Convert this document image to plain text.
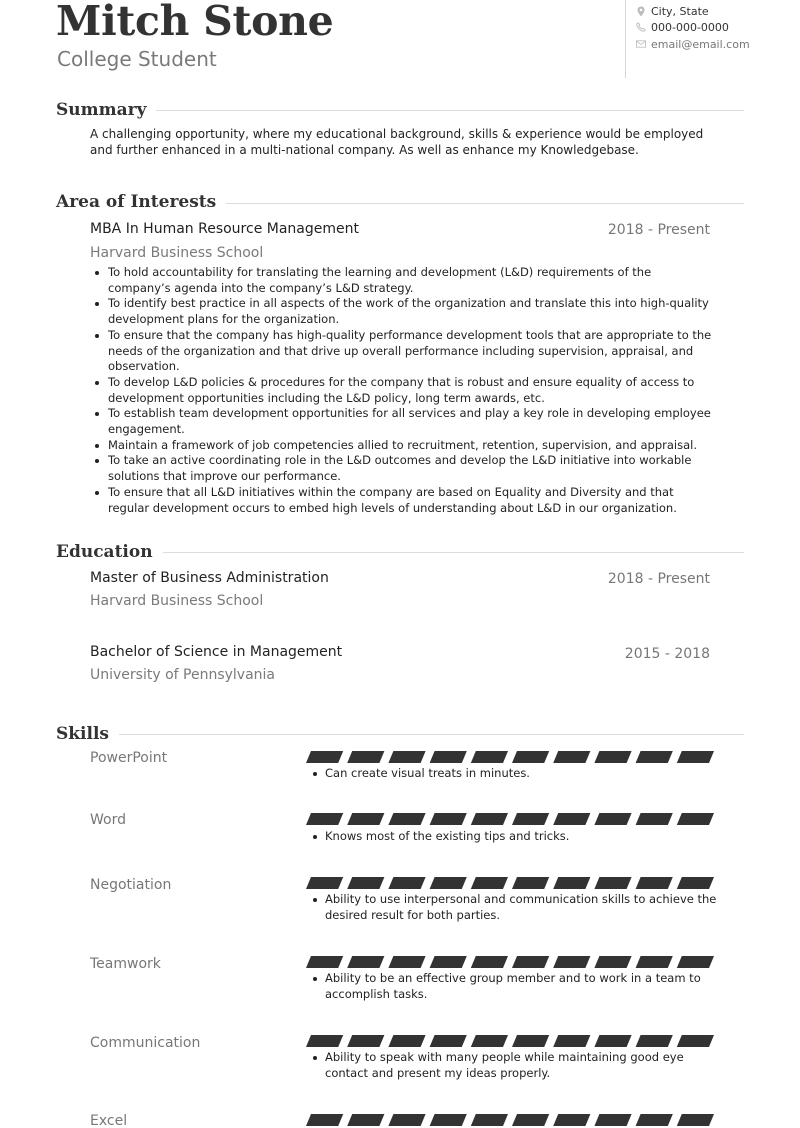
Mitch Stone
College Student
City, State
000-000-0000
email@email.com
Summary
A challenging opportunity, where my educational background, skills & experience would be employed and further enhanced in a multi-national company. As well as enhance my Knowledgebase.
Area of Interests
MBA In Human Resource Management	2018 - Present
Harvard Business School
To hold accountability for translating the learning and development (L&D) requirements of the company’s agenda into the company’s L&D strategy.
To identify best practice in all aspects of the work of the organization and translate this into high-quality development plans for the organization.
To ensure that the company has high-quality performance development tools that are appropriate to the needs of the organization and that drive up overall performance including supervision, appraisal, and observation.
To develop L&D policies & procedures for the company that is robust and ensure equality of access to development opportunities including the L&D policy, long term awards, etc.
To establish team development opportunities for all services and play a key role in developing employee engagement.
Maintain a framework of job competencies allied to recruitment, retention, supervision, and appraisal.
To take an active coordinating role in the L&D outcomes and develop the L&D initiative into workable solutions that improve our performance.
To ensure that all L&D initiatives within the company are based on Equality and Diversity and that regular development occurs to embed high levels of understanding about L&D in our organization.
Education
Master of Business Administration	2018 - Present
Harvard Business School
Bachelor of Science in Management	2015 - 2018
University of Pennsylvania
Skills
PowerPoint
Can create visual treats in minutes.
Word
Knows most of the existing tips and tricks.
Negotiation
Ability to use interpersonal and communication skills to achieve the desired result for both parties.
Teamwork
Ability to be an effective group member and to work in a team to accomplish tasks.
Communication
Ability to speak with many people while maintaining good eye contact and present my ideas properly.
Excel
